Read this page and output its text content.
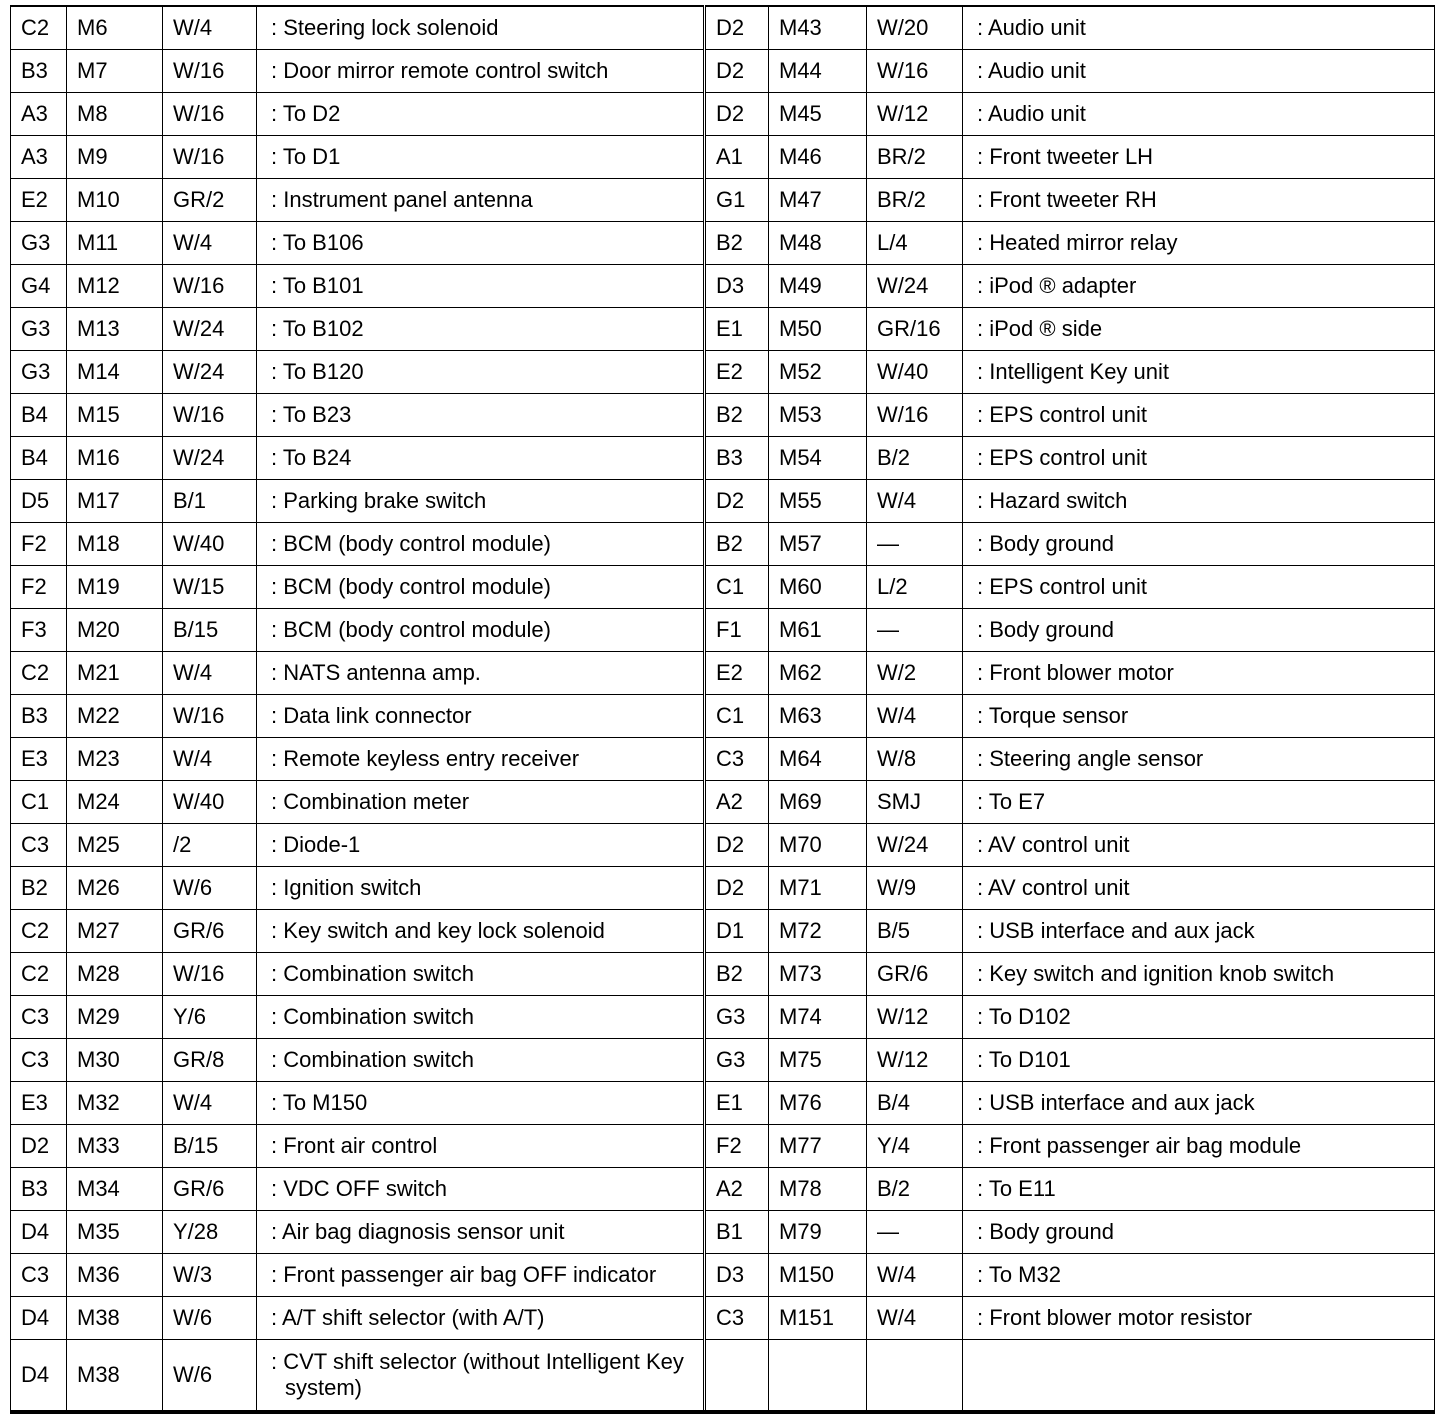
C2	M6	W/4	: Steering lock solenoid	D2	M43	W/20	: Audio unit
B3	M7	W/16	: Door mirror remote control switch	D2	M44	W/16	: Audio unit
A3	M8	W/16	: To D2	D2	M45	W/12	: Audio unit
A3	M9	W/16	: To D1	A1	M46	BR/2	: Front tweeter LH
E2	M10	GR/2	: Instrument panel antenna	G1	M47	BR/2	: Front tweeter RH
G3	M11	W/4	: To B106	B2	M48	L/4	: Heated mirror relay
G4	M12	W/16	: To B101	D3	M49	W/24	: iPod ® adapter
G3	M13	W/24	: To B102	E1	M50	GR/16	: iPod ® side
G3	M14	W/24	: To B120	E2	M52	W/40	: Intelligent Key unit
B4	M15	W/16	: To B23	B2	M53	W/16	: EPS control unit
B4	M16	W/24	: To B24	B3	M54	B/2	: EPS control unit
D5	M17	B/1	: Parking brake switch	D2	M55	W/4	: Hazard switch
F2	M18	W/40	: BCM (body control module)	B2	M57	—	: Body ground
F2	M19	W/15	: BCM (body control module)	C1	M60	L/2	: EPS control unit
F3	M20	B/15	: BCM (body control module)	F1	M61	—	: Body ground
C2	M21	W/4	: NATS antenna amp.	E2	M62	W/2	: Front blower motor
B3	M22	W/16	: Data link connector	C1	M63	W/4	: Torque sensor
E3	M23	W/4	: Remote keyless entry receiver	C3	M64	W/8	: Steering angle sensor
C1	M24	W/40	: Combination meter	A2	M69	SMJ	: To E7
C3	M25	/2	: Diode-1	D2	M70	W/24	: AV control unit
B2	M26	W/6	: Ignition switch	D2	M71	W/9	: AV control unit
C2	M27	GR/6	: Key switch and key lock solenoid	D1	M72	B/5	: USB interface and aux jack
C2	M28	W/16	: Combination switch	B2	M73	GR/6	: Key switch and ignition knob switch
C3	M29	Y/6	: Combination switch	G3	M74	W/12	: To D102
C3	M30	GR/8	: Combination switch	G3	M75	W/12	: To D101
E3	M32	W/4	: To M150	E1	M76	B/4	: USB interface and aux jack
D2	M33	B/15	: Front air control	F2	M77	Y/4	: Front passenger air bag module
B3	M34	GR/6	: VDC OFF switch	A2	M78	B/2	: To E11
D4	M35	Y/28	: Air bag diagnosis sensor unit	B1	M79	—	: Body ground
C3	M36	W/3	: Front passenger air bag OFF indicator	D3	M150	W/4	: To M32
D4	M38	W/6	: A/T shift selector (with A/T)	C3	M151	W/4	: Front blower motor resistor
D4	M38	W/6	: CVT shift selector (without Intelligent Key system)				
